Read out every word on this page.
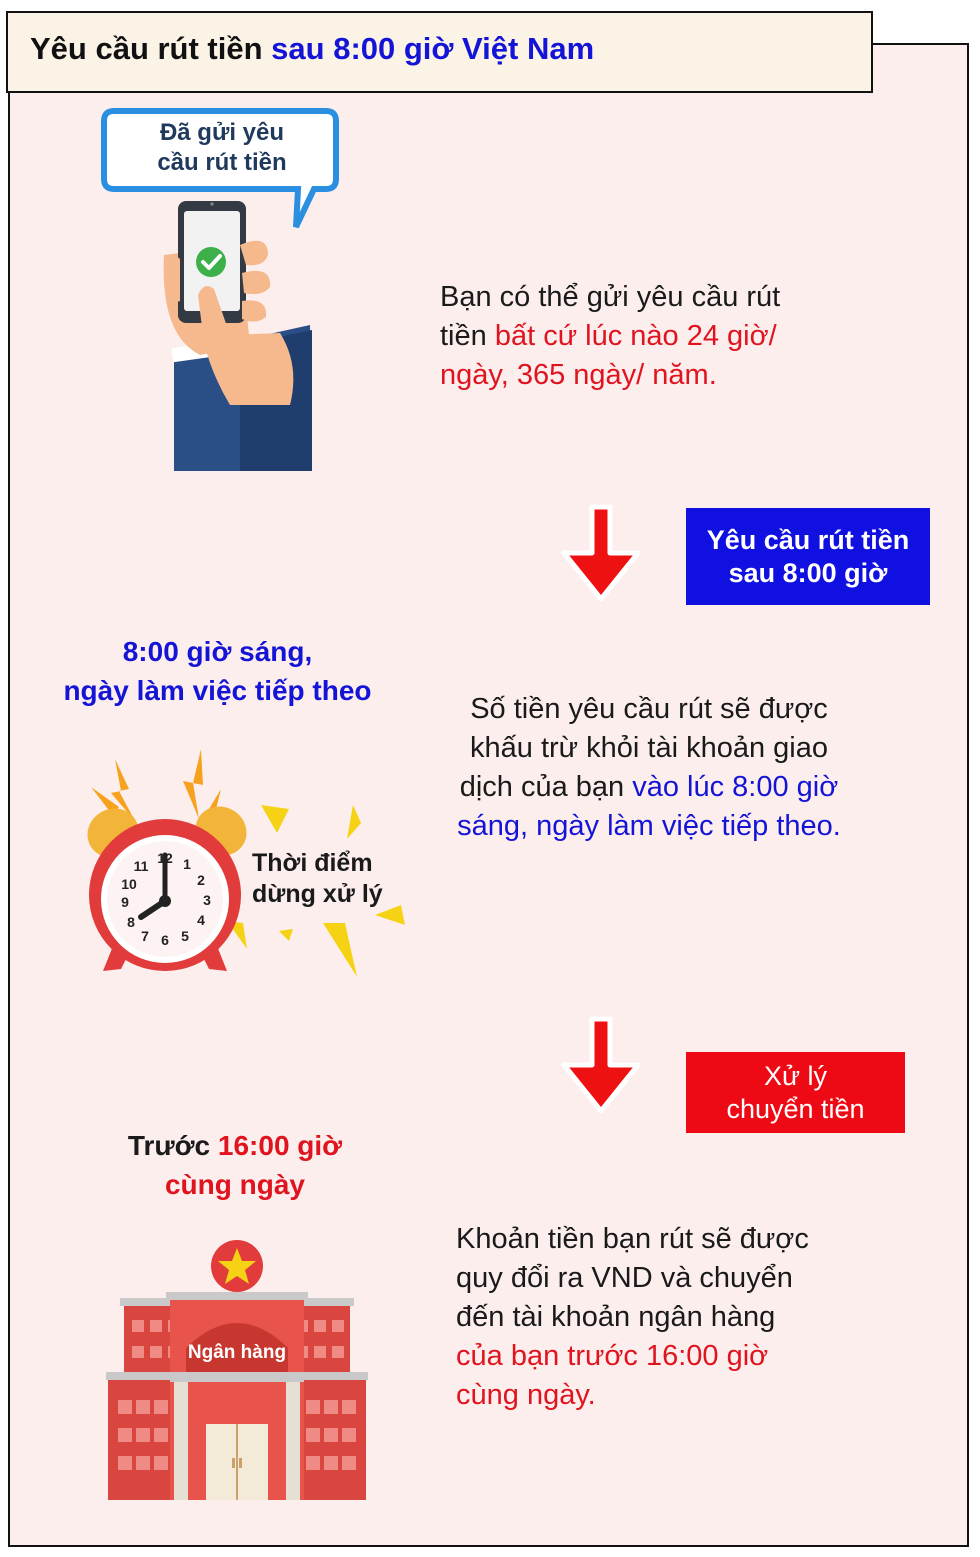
Yêu cầu rút tiền sau 8:00 giờ Việt Nam
Đã gửi yêu
cầu rút tiền
Bạn có thể gửi yêu cầu rút
tiền bất cứ lúc nào 24 giờ/
ngày, 365 ngày/ năm.
Yêu cầu rút tiền
sau 8:00 giờ
8:00 giờ sáng,
ngày làm việc tiếp theo
12 1
2
3
4
5
6
7
8
9
10
11	Thời điểm
dừng xử lý
Số tiền yêu cầu rút sẽ được
khấu trừ khỏi tài khoản giao
dịch của bạn vào lúc 8:00 giờ
sáng, ngày làm việc tiếp theo.
Xử lý
chuyển tiền
Trước 16:00 giờ
cùng ngày
Ngân hàng
Khoản tiền bạn rút sẽ được
quy đổi ra VND và chuyển
đến tài khoản ngân hàng
của bạn trước 16:00 giờ
cùng ngày.
